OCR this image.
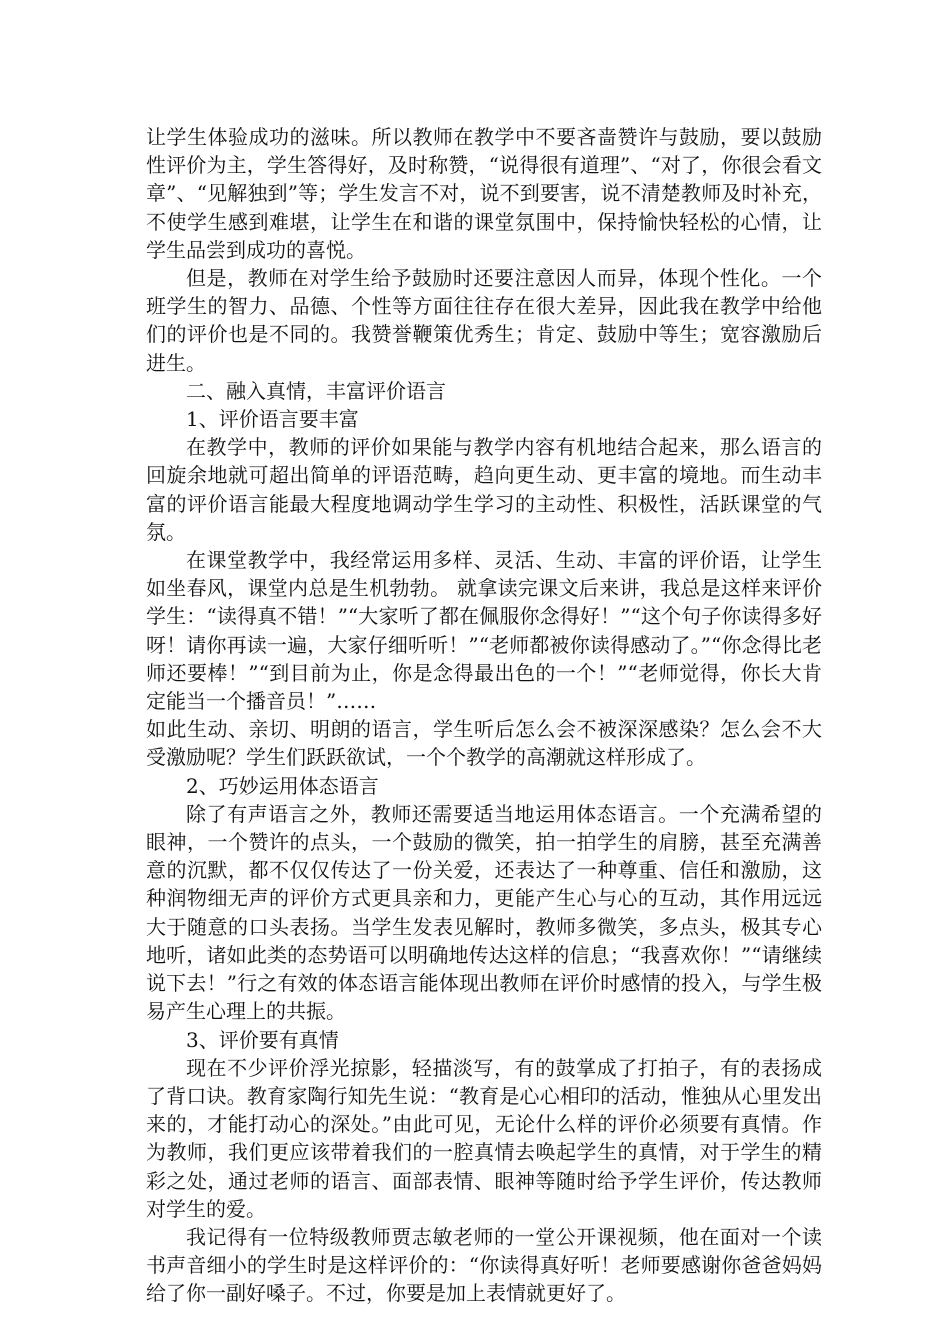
让学生体验成功的滋味。所以教师在教学中不要吝啬赞许与鼓励，要以鼓励性评价为主，学生答得好，及时称赞，“说得很有道理”、“对了，你很会看文章”、“见解独到”等；学生发言不对，说不到要害，说不清楚教师及时补充，不使学生感到难堪，让学生在和谐的课堂氛围中，保持愉快轻松的心情，让学生品尝到成功的喜悦。

但是，教师在对学生给予鼓励时还要注意因人而异，体现个性化。一个班学生的智力、品德、个性等方面往往存在很大差异，因此我在教学中给他们的评价也是不同的。我赞誉鞭策优秀生；肯定、鼓励中等生；宽容激励后进生。

二、融入真情，丰富评价语言

1、评价语言要丰富

在教学中，教师的评价如果能与教学内容有机地结合起来，那么语言的回旋余地就可超出简单的评语范畴，趋向更生动、更丰富的境地。而生动丰富的评价语言能最大程度地调动学生学习的主动性、积极性，活跃课堂的气氛。

在课堂教学中，我经常运用多样、灵活、生动、丰富的评价语，让学生如坐春风，课堂内总是生机勃勃。 就拿读完课文后来讲，我总是这样来评价学生：“读得真不错！”“大家听了都在佩服你念得好！”“这个句子你读得多好呀！请你再读一遍，大家仔细听听！”“老师都被你读得感动了。”“你念得比老师还要棒！”“到目前为止，你是念得最出色的一个！”“老师觉得，你长大肯定能当一个播音员！”……

如此生动、亲切、明朗的语言，学生听后怎么会不被深深感染？怎么会不大受激励呢？学生们跃跃欲试，一个个教学的高潮就这样形成了。

2、巧妙运用体态语言

除了有声语言之外，教师还需要适当地运用体态语言。一个充满希望的眼神，一个赞许的点头，一个鼓励的微笑，拍一拍学生的肩膀，甚至充满善意的沉默，都不仅仅传达了一份关爱，还表达了一种尊重、信任和激励，这种润物细无声的评价方式更具亲和力，更能产生心与心的互动，其作用远远大于随意的口头表扬。当学生发表见解时，教师多微笑，多点头，极其专心地听，诸如此类的态势语可以明确地传达这样的信息；“我喜欢你！”“请继续说下去！”行之有效的体态语言能体现出教师在评价时感情的投入，与学生极易产生心理上的共振。

3、评价要有真情

现在不少评价浮光掠影，轻描淡写，有的鼓掌成了打拍子，有的表扬成了背口诀。教育家陶行知先生说：“教育是心心相印的活动，惟独从心里发出来的，才能打动心的深处。”由此可见，无论什么样的评价必须要有真情。作为教师，我们更应该带着我们的一腔真情去唤起学生的真情，对于学生的精彩之处，通过老师的语言、面部表情、眼神等随时给予学生评价，传达教师对学生的爱。

我记得有一位特级教师贾志敏老师的一堂公开课视频，他在面对一个读书声音细小的学生时是这样评价的：“你读得真好听！老师要感谢你爸爸妈妈给了你一副好嗓子。不过，你要是加上表情就更好了。
